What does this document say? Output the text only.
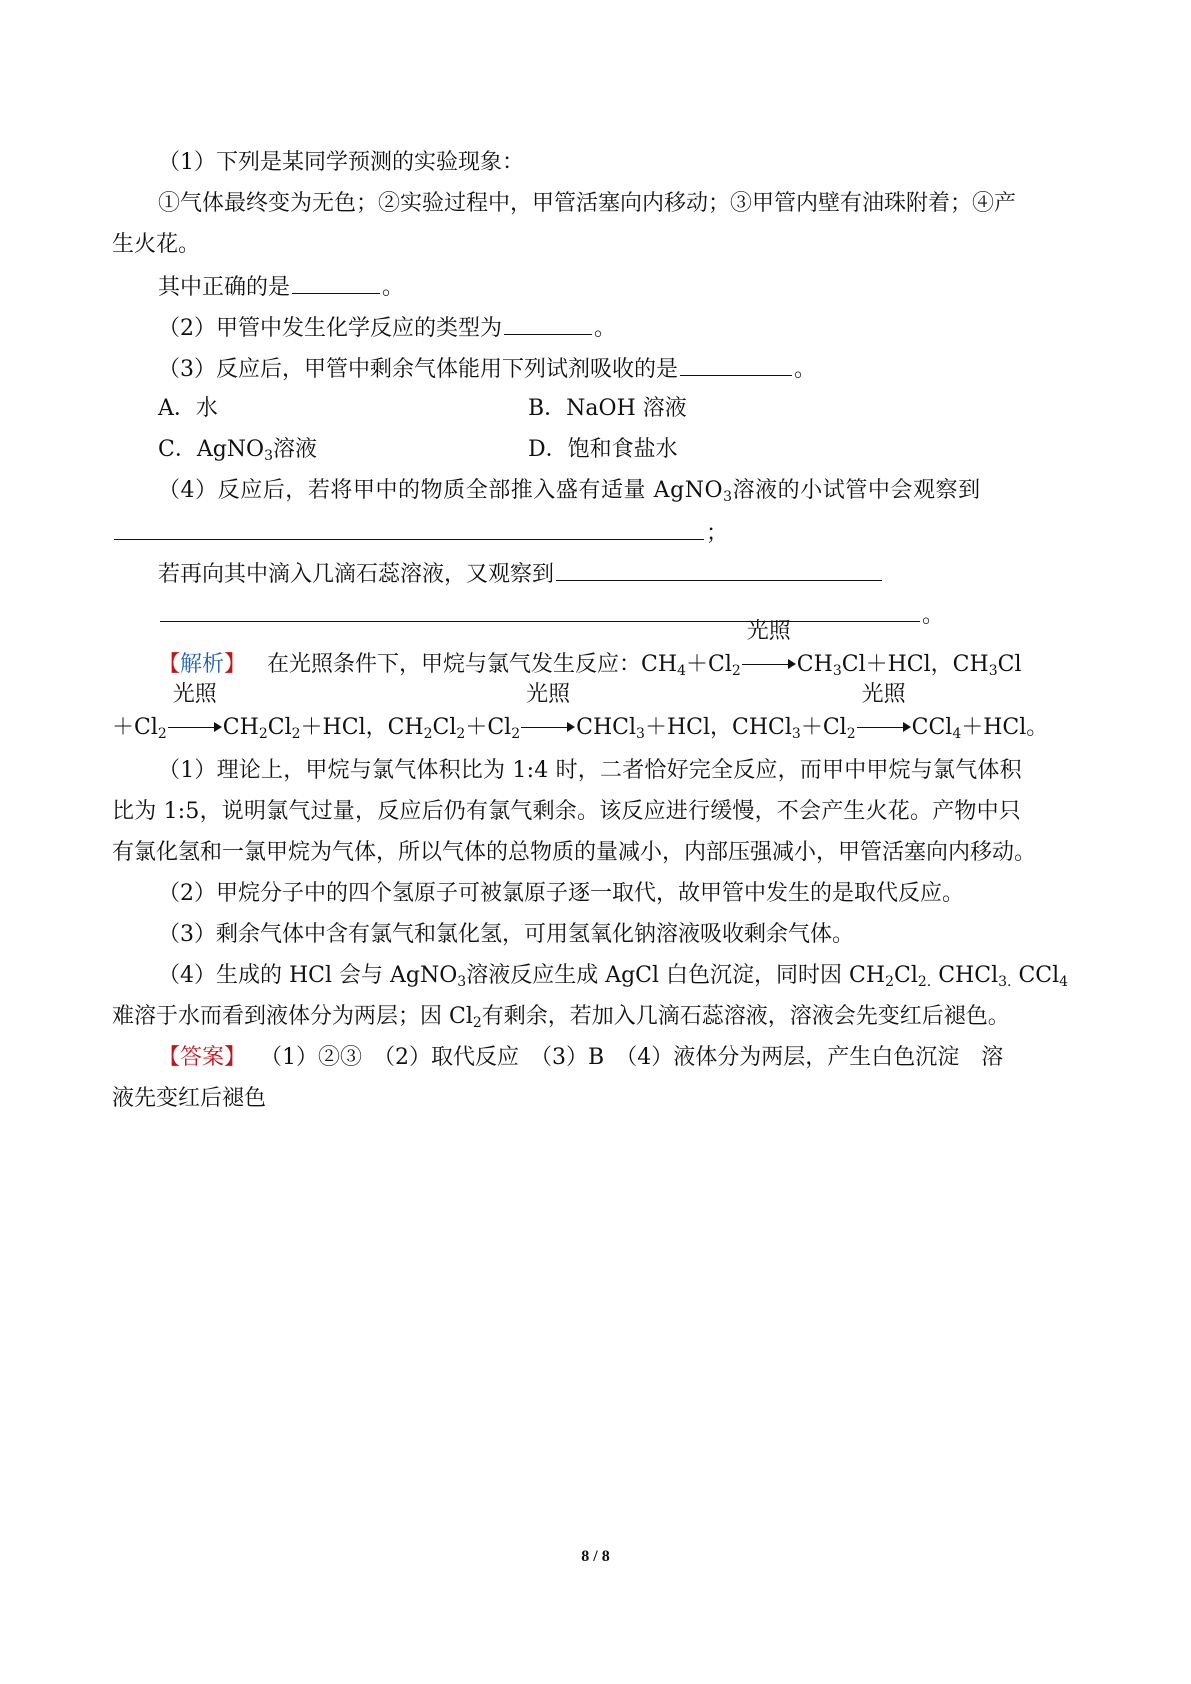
（1）下列是某同学预测的实验现象：
①气体最终变为无色；②实验过程中，甲管活塞向内移动；③甲管内壁有油珠附着；④产
生火花。
其中正确的是	。
（2）甲管中发生化学反应的类型为	。
（3）反应后，甲管中剩余气体能用下列试剂吸收的是	。
A．水	B．NaOH 溶液
C．AgNO$_3$溶液	D．饱和食盐水
（4）反应后，若将甲中的物质全部推入盛有适量 AgNO$_3$溶液的小试管中会观察到
；
若再向其中滴入几滴石蕊溶液，又观察到
。
【解析】 在光照条件下，甲烷与氯气发生反应：$CH_4+Cl_2$
光照
$CH_3Cl+HCl$，$CH_3Cl$
$+Cl_2$
光照
$CH_2Cl_2+HCl$，$CH_2Cl_2+Cl_2$
光照
CHCl$_3$＋HCl，$CHCl_3+Cl_2$
光照
CCl$_4$＋HCl。
（1）理论上，甲烷与氯气体积比为 1:4 时，二者恰好完全反应，而甲中甲烷与氯气体积
比为 1:5，说明氯气过量，反应后仍有氯气剩余。该反应进行缓慢，不会产生火花。产物中只
有氯化氢和一氯甲烷为气体，所以气体的总物质的量减小，内部压强减小，甲管活塞向内移动。
（2）甲烷分子中的四个氢原子可被氯原子逐一取代，故甲管中发生的是取代反应。
（3）剩余气体中含有氯气和氯化氢，可用氢氧化钠溶液吸收剩余气体。
（4）生成的 HCl 会与 AgNO$_3$溶液反应生成 AgCl 白色沉淀，同时因 $CH_2Cl_{2.}$ CHCl$_{3.}$ CCl$_4$
难溶于水而看到液体分为两层；因 $Cl_2$有剩余，若加入几滴石蕊溶液，溶液会先变红后褪色。
【答案】 （1）②③　（2）取代反应　（3）B　（4）液体分为两层，产生白色沉淀　溶
液先变红后褪色
8 / 8
